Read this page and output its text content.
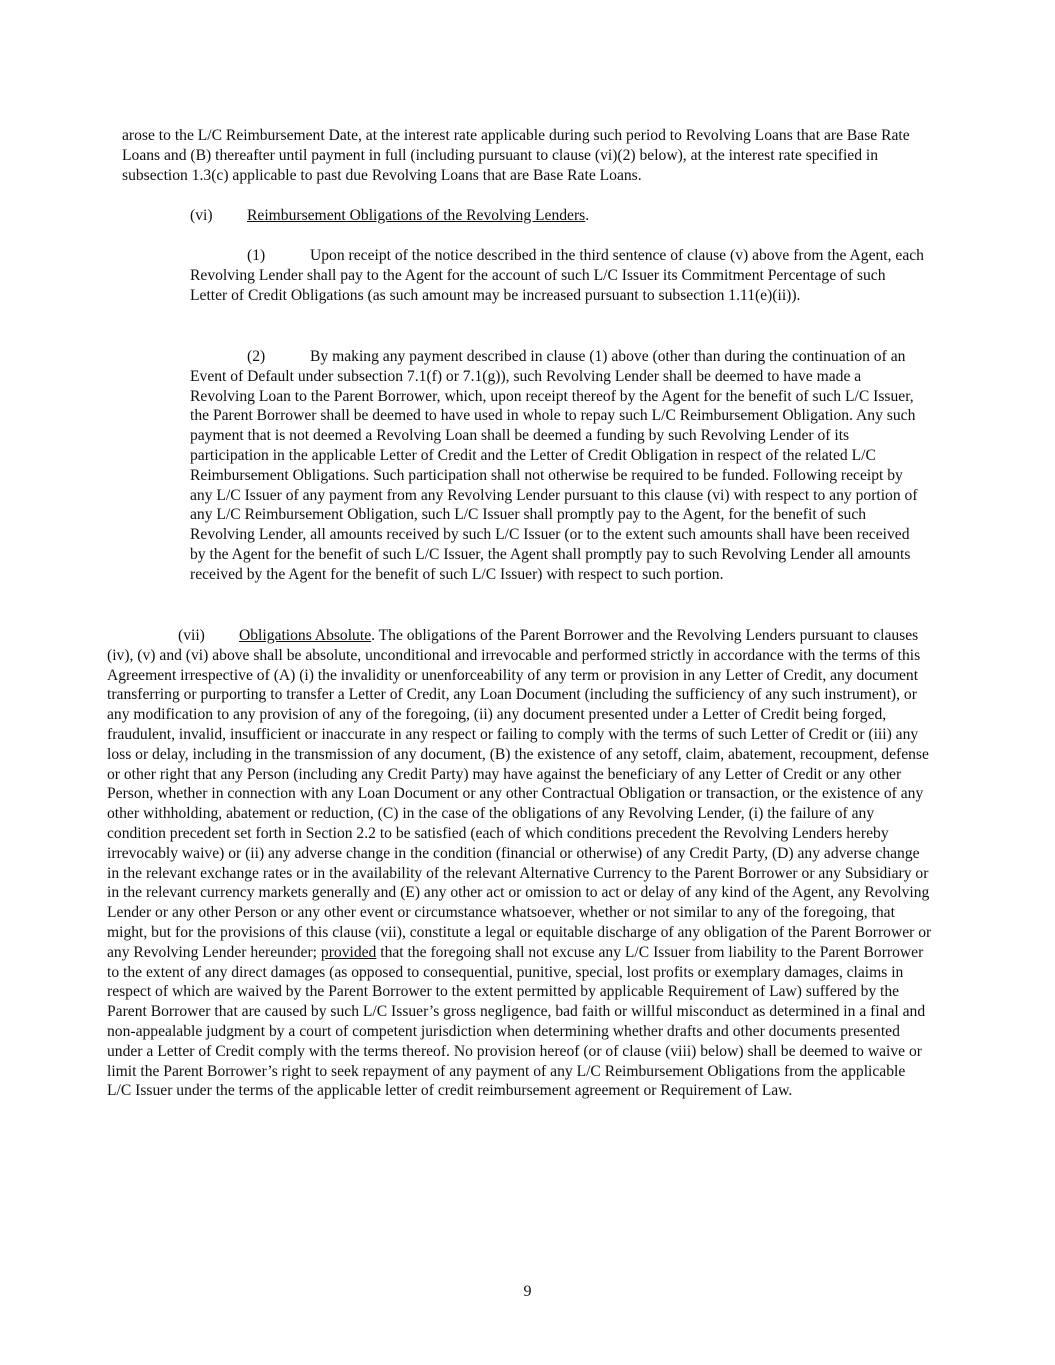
arose to the L/C Reimbursement Date, at the interest rate applicable during such period to Revolving Loans that are Base Rate Loans and (B) thereafter until payment in full (including pursuant to clause (vi)(2) below), at the interest rate specified in subsection 1.3(c) applicable to past due Revolving Loans that are Base Rate Loans.

(vi) Reimbursement Obligations of the Revolving Lenders.

(1)	Upon receipt of the notice described in the third sentence of clause (v) above from the Agent, each Revolving Lender shall pay to the Agent for the account of such L/C Issuer its Commitment Percentage of such Letter of Credit Obligations (as such amount may be increased pursuant to subsection 1.11(e)(ii)).

(2)	By making any payment described in clause (1) above (other than during the continuation of an Event of Default under subsection 7.1(f) or 7.1(g)), such Revolving Lender shall be deemed to have made a Revolving Loan to the Parent Borrower, which, upon receipt thereof by the Agent for the benefit of such L/C Issuer, the Parent Borrower shall be deemed to have used in whole to repay such L/C Reimbursement Obligation. Any such payment that is not deemed a Revolving Loan shall be deemed a funding by such Revolving Lender of its participation in the applicable Letter of Credit and the Letter of Credit Obligation in respect of the related L/C Reimbursement Obligations. Such participation shall not otherwise be required to be funded. Following receipt by any L/C Issuer of any payment from any Revolving Lender pursuant to this clause (vi) with respect to any portion of any L/C Reimbursement Obligation, such L/C Issuer shall promptly pay to the Agent, for the benefit of such Revolving Lender, all amounts received by such L/C Issuer (or to the extent such amounts shall have been received by the Agent for the benefit of such L/C Issuer, the Agent shall promptly pay to such Revolving Lender all amounts received by the Agent for the benefit of such L/C Issuer) with respect to such portion.

(vii) Obligations Absolute. The obligations of the Parent Borrower and the Revolving Lenders pursuant to clauses (iv), (v) and (vi) above shall be absolute, unconditional and irrevocable and performed strictly in accordance with the terms of this Agreement irrespective of (A) (i) the invalidity or unenforceability of any term or provision in any Letter of Credit, any document transferring or purporting to transfer a Letter of Credit, any Loan Document (including the sufficiency of any such instrument), or any modification to any provision of any of the foregoing, (ii) any document presented under a Letter of Credit being forged, fraudulent, invalid, insufficient or inaccurate in any respect or failing to comply with the terms of such Letter of Credit or (iii) any loss or delay, including in the transmission of any document, (B) the existence of any setoff, claim, abatement, recoupment, defense or other right that any Person (including any Credit Party) may have against the beneficiary of any Letter of Credit or any other Person, whether in connection with any Loan Document or any other Contractual Obligation or transaction, or the existence of any other withholding, abatement or reduction, (C) in the case of the obligations of any Revolving Lender, (i) the failure of any condition precedent set forth in Section 2.2 to be satisfied (each of which conditions precedent the Revolving Lenders hereby irrevocably waive) or (ii) any adverse change in the condition (financial or otherwise) of any Credit Party, (D) any adverse change in the relevant exchange rates or in the availability of the relevant Alternative Currency to the Parent Borrower or any Subsidiary or in the relevant currency markets generally and (E) any other act or omission to act or delay of any kind of the Agent, any Revolving Lender or any other Person or any other event or circumstance whatsoever, whether or not similar to any of the foregoing, that might, but for the provisions of this clause (vii), constitute a legal or equitable discharge of any obligation of the Parent Borrower or any Revolving Lender hereunder; provided that the foregoing shall not excuse any L/C Issuer from liability to the Parent Borrower to the extent of any direct damages (as opposed to consequential, punitive, special, lost profits or exemplary damages, claims in respect of which are waived by the Parent Borrower to the extent permitted by applicable Requirement of Law) suffered by the Parent Borrower that are caused by such L/C Issuer’s gross negligence, bad faith or willful misconduct as determined in a final and non-appealable judgment by a court of competent jurisdiction when determining whether drafts and other documents presented under a Letter of Credit comply with the terms thereof. No provision hereof (or of clause (viii) below) shall be deemed to waive or limit the Parent Borrower’s right to seek repayment of any payment of any L/C Reimbursement Obligations from the applicable L/C Issuer under the terms of the applicable letter of credit reimbursement agreement or Requirement of Law.

9
